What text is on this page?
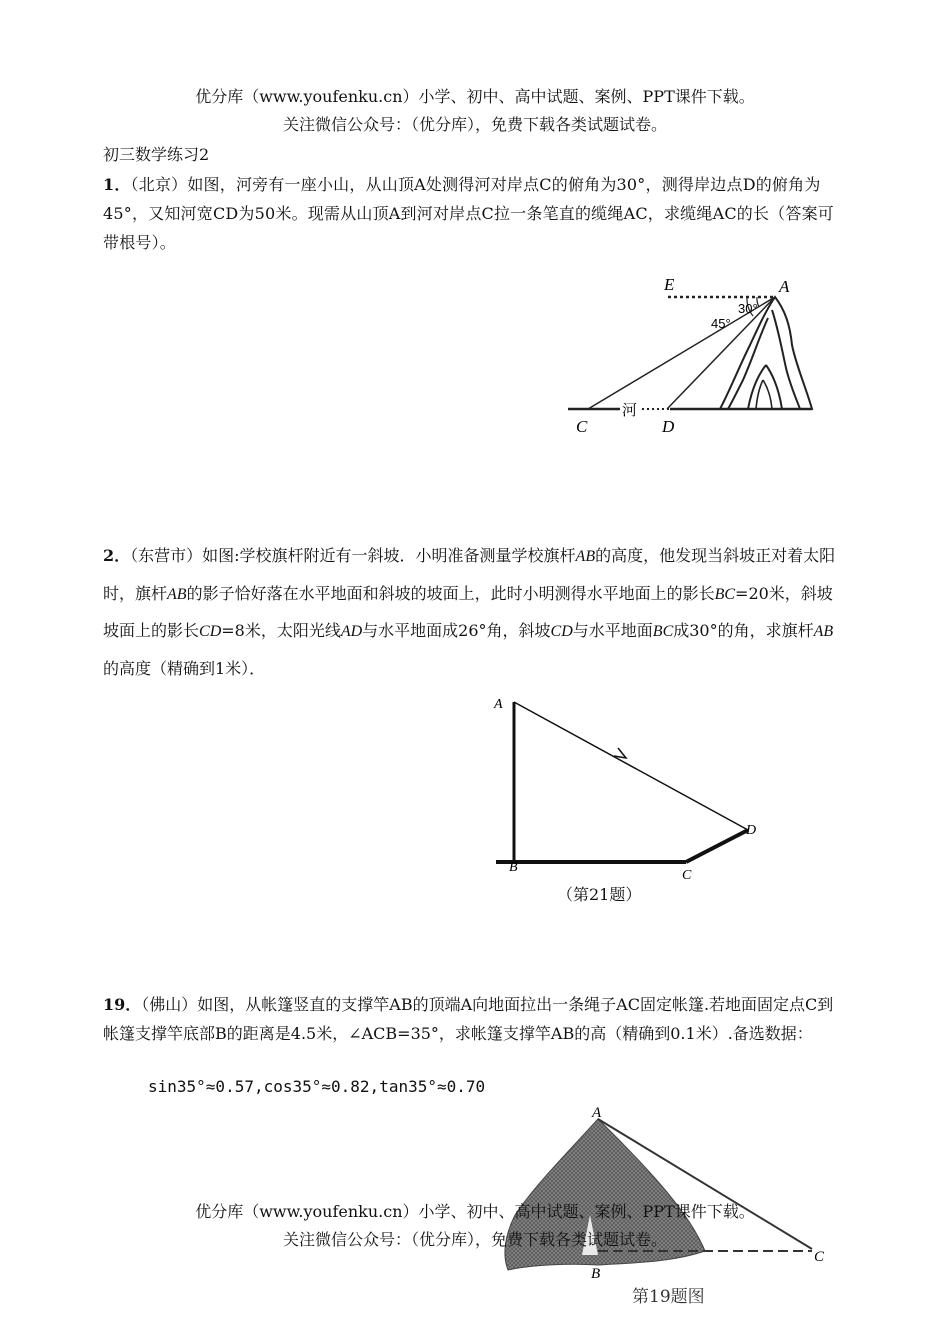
优分库（www.youfenku.cn）小学、初中、高中试题、案例、PPT课件下载。
关注微信公众号：（优分库），免费下载各类试题试卷。
初三数学练习2
1．（北京）如图，河旁有一座小山，从山顶A处测得河对岸点C的俯角为30°，测得岸边点D的俯角为45°，又知河宽CD为50米。现需从山顶A到河对岸点C拉一条笔直的缆绳AC，求缆绳AC的长（答案可带根号）。
E	A
30°
45°
河
C	D
2．（东营市）如图:学校旗杆附近有一斜坡．小明准备测量学校旗杆AB的高度，他发现当斜坡正对着太阳时，旗杆AB的影子恰好落在水平地面和斜坡的坡面上，此时小明测得水平地面上的影长BC=20米，斜坡坡面上的影长CD=8米，太阳光线AD与水平地面成26°角，斜坡CD与水平地面BC成30°的角，求旗杆AB的高度（精确到1米）．
A
B
C
D
（第21题）
19．（佛山）如图，从帐篷竖直的支撑竿AB的顶端A向地面拉出一条绳子AC固定帐篷.若地面固定点C到帐篷支撑竿底部B的距离是4.5米，∠ACB=35°，求帐篷支撑竿AB的高（精确到0.1米）.备选数据：
sin35°≈0.57,cos35°≈0.82,tan35°≈0.70
A
B
C
第19题图
优分库（www.youfenku.cn）小学、初中、高中试题、案例、PPT课件下载。
关注微信公众号：（优分库），免费下载各类试题试卷。
